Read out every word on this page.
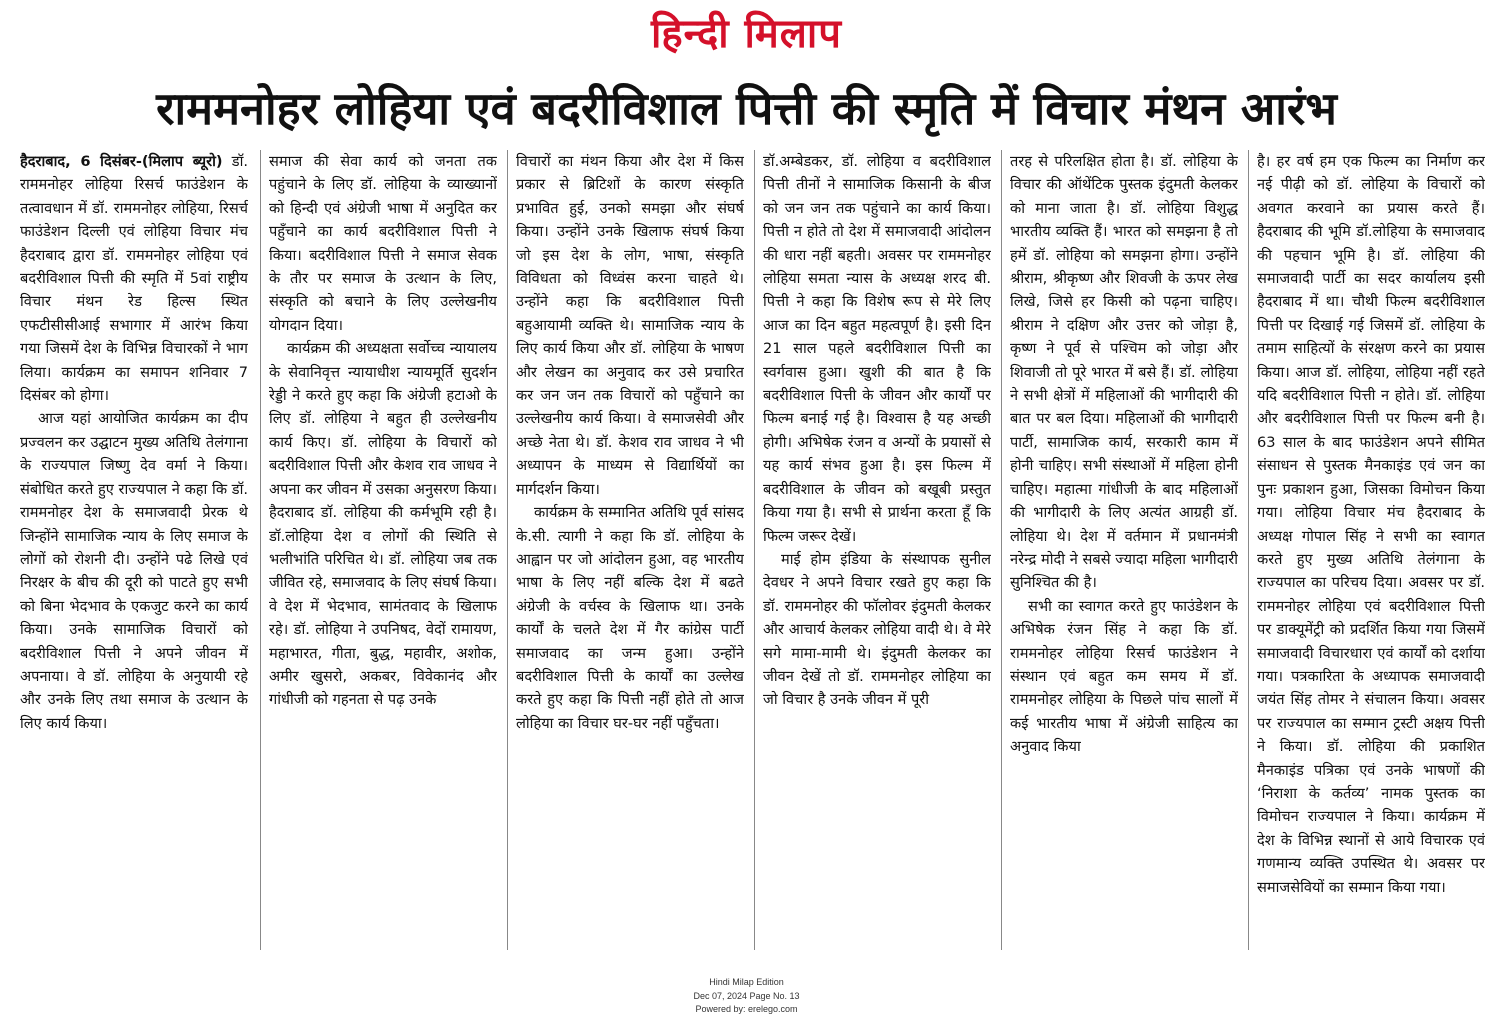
हिन्दी मिलाप
राममनोहर लोहिया एवं बदरीविशाल पित्ती की स्मृति में विचार मंथन आरंभ

हैदराबाद, 6 दिसंबर-(मिलाप ब्यूरो) डॉ. राममनोहर लोहिया रिसर्च फाउंडेशन के तत्वावधान में डॉ. राममनोहर लोहिया, रिसर्च फाउंडेशन दिल्ली एवं लोहिया विचार मंच हैदराबाद द्वारा डॉ. राममनोहर लोहिया एवं बदरीविशाल पित्ती की स्मृति में 5वां राष्ट्रीय विचार मंथन रेड हिल्स स्थित एफटीसीसीआई सभागार में आरंभ किया गया जिसमें देश के विभिन्न विचारकों ने भाग लिया। कार्यक्रम का समापन शनिवार 7 दिसंबर को होगा।

आज यहां आयोजित कार्यक्रम का दीप प्रज्वलन कर उद्घाटन मुख्य अतिथि तेलंगाना के राज्यपाल जिष्णु देव वर्मा ने किया। संबोधित करते हुए राज्यपाल ने कहा कि डॉ. राममनोहर देश के समाजवादी प्रेरक थे जिन्होंने सामाजिक न्याय के लिए समाज के लोगों को रोशनी दी। उन्होंने पढे लिखे एवं निरक्षर के बीच की दूरी को पाटते हुए सभी को बिना भेदभाव के एकजुट करने का कार्य किया। उनके सामाजिक विचारों को बदरीविशाल पित्ती ने अपने जीवन में अपनाया। वे डॉ. लोहिया के अनुयायी रहे और उनके लिए तथा समाज के उत्थान के लिए कार्य किया।

समाज की सेवा कार्य को जनता तक पहुंचाने के लिए डॉ. लोहिया के व्याख्यानों को हिन्दी एवं अंग्रेजी भाषा में अनुदित कर पहुँचाने का कार्य बदरीविशाल पित्ती ने किया। बदरीविशाल पित्ती ने समाज सेवक के तौर पर समाज के उत्थान के लिए, संस्कृति को बचाने के लिए उल्लेखनीय योगदान दिया।

कार्यक्रम की अध्यक्षता सर्वोच्च न्यायालय के सेवानिवृत्त न्यायाधीश न्यायमूर्ति सुदर्शन रेड्डी ने करते हुए कहा कि अंग्रेजी हटाओ के लिए डॉ. लोहिया ने बहुत ही उल्लेखनीय कार्य किए। डॉ. लोहिया के विचारों को बदरीविशाल पित्ती और केशव राव जाधव ने अपना कर जीवन में उसका अनुसरण किया। हैदराबाद डॉ. लोहिया की कर्मभूमि रही है। डॉ.लोहिया देश व लोगों की स्थिति से भलीभांति परिचित थे। डॉ. लोहिया जब तक जीवित रहे, समाजवाद के लिए संघर्ष किया। वे देश में भेदभाव, सामंतवाद के खिलाफ रहे। डॉ. लोहिया ने उपनिषद, वेदों रामायण, महाभारत, गीता, बुद्ध, महावीर, अशोक, अमीर खुसरो, अकबर, विवेकानंद और गांधीजी को गहनता से पढ़ उनके

विचारों का मंथन किया और देश में किस प्रकार से ब्रिटिशों के कारण संस्कृति प्रभावित हुई, उनको समझा और संघर्ष किया। उन्होंने उनके खिलाफ संघर्ष किया जो इस देश के लोग, भाषा, संस्कृति विविधता को विध्वंस करना चाहते थे। उन्होंने कहा कि बदरीविशाल पित्ती बहुआयामी व्यक्ति थे। सामाजिक न्याय के लिए कार्य किया और डॉ. लोहिया के भाषण और लेखन का अनुवाद कर उसे प्रचारित कर जन जन तक विचारों को पहुँचाने का उल्लेखनीय कार्य किया। वे समाजसेवी और अच्छे नेता थे। डॉ. केशव राव जाधव ने भी अध्यापन के माध्यम से विद्यार्थियों का मार्गदर्शन किया।

कार्यक्रम के सम्मानित अतिथि पूर्व सांसद के.सी. त्यागी ने कहा कि डॉ. लोहिया के आह्वान पर जो आंदोलन हुआ, वह भारतीय भाषा के लिए नहीं बल्कि देश में बढते अंग्रेजी के वर्चस्व के खिलाफ था। उनके कार्यों के चलते देश में गैर कांग्रेस पार्टी समाजवाद का जन्म हुआ। उन्होंने बदरीविशाल पित्ती के कार्यों का उल्लेख करते हुए कहा कि पित्ती नहीं होते तो आज लोहिया का विचार घर-घर नहीं पहुँचता।

डॉ.अम्बेडकर, डॉ. लोहिया व बदरीविशाल पित्ती तीनों ने सामाजिक किसानी के बीज को जन जन तक पहुंचाने का कार्य किया। पित्ती न होते तो देश में समाजवादी आंदोलन की धारा नहीं बहती। अवसर पर राममनोहर लोहिया समता न्यास के अध्यक्ष शरद बी. पित्ती ने कहा कि विशेष रूप से मेरे लिए आज का दिन बहुत महत्वपूर्ण है। इसी दिन 21 साल पहले बदरीविशाल पित्ती का स्वर्गवास हुआ। खुशी की बात है कि बदरीविशाल पित्ती के जीवन और कार्यों पर फिल्म बनाई गई है। विश्वास है यह अच्छी होगी। अभिषेक रंजन व अन्यों के प्रयासों से यह कार्य संभव हुआ है। इस फिल्म में बदरीविशाल के जीवन को बखूबी प्रस्तुत किया गया है। सभी से प्रार्थना करता हूँ कि फिल्म जरूर देखें।

माई होम इंडिया के संस्थापक सुनील देवधर ने अपने विचार रखते हुए कहा कि डॉ. राममनोहर की फॉलोवर इंदुमती केलकर और आचार्य केलकर लोहिया वादी थे। वे मेरे सगे मामा-मामी थे। इंदुमती केलकर का जीवन देखें तो डॉ. राममनोहर लोहिया का जो विचार है उनके जीवन में पूरी

तरह से परिलक्षित होता है। डॉ. लोहिया के विचार की ऑथेंटिक पुस्तक इंदुमती केलकर को माना जाता है। डॉ. लोहिया विशुद्ध भारतीय व्यक्ति हैं। भारत को समझना है तो हमें डॉ. लोहिया को समझना होगा। उन्होंने श्रीराम, श्रीकृष्ण और शिवजी के ऊपर लेख लिखे, जिसे हर किसी को पढ़ना चाहिए। श्रीराम ने दक्षिण और उत्तर को जोड़ा है, कृष्ण ने पूर्व से पश्चिम को जोड़ा और शिवाजी तो पूरे भारत में बसे हैं। डॉ. लोहिया ने सभी क्षेत्रों में महिलाओं की भागीदारी की बात पर बल दिया। महिलाओं की भागीदारी पार्टी, सामाजिक कार्य, सरकारी काम में होनी चाहिए। सभी संस्थाओं में महिला होनी चाहिए। महात्मा गांधीजी के बाद महिलाओं की भागीदारी के लिए अत्यंत आग्रही डॉ. लोहिया थे। देश में वर्तमान में प्रधानमंत्री नरेन्द्र मोदी ने सबसे ज्यादा महिला भागीदारी सुनिश्चित की है।

सभी का स्वागत करते हुए फाउंडेशन के अभिषेक रंजन सिंह ने कहा कि डॉ. राममनोहर लोहिया रिसर्च फाउंडेशन ने संस्थान एवं बहुत कम समय में डॉ. राममनोहर लोहिया के पिछले पांच सालों में कई भारतीय भाषा में अंग्रेजी साहित्य का अनुवाद किया

है। हर वर्ष हम एक फिल्म का निर्माण कर नई पीढ़ी को डॉ. लोहिया के विचारों को अवगत करवाने का प्रयास करते हैं। हैदराबाद की भूमि डॉ.लोहिया के समाजवाद की पहचान भूमि है। डॉ. लोहिया की समाजवादी पार्टी का सदर कार्यालय इसी हैदराबाद में था। चौथी फिल्म बदरीविशाल पित्ती पर दिखाई गई जिसमें डॉ. लोहिया के तमाम साहित्यों के संरक्षण करने का प्रयास किया। आज डॉ. लोहिया, लोहिया नहीं रहते यदि बदरीविशाल पित्ती न होते। डॉ. लोहिया और बदरीविशाल पित्ती पर फिल्म बनी है। 63 साल के बाद फाउंडेशन अपने सीमित संसाधन से पुस्तक मैनकाइंड एवं जन का पुनः प्रकाशन हुआ, जिसका विमोचन किया गया। लोहिया विचार मंच हैदराबाद के अध्यक्ष गोपाल सिंह ने सभी का स्वागत करते हुए मुख्य अतिथि तेलंगाना के राज्यपाल का परिचय दिया। अवसर पर डॉ. राममनोहर लोहिया एवं बदरीविशाल पित्ती पर डाक्यूमेंट्री को प्रदर्शित किया गया जिसमें समाजवादी विचारधारा एवं कार्यों को दर्शाया गया। पत्रकारिता के अध्यापक समाजवादी जयंत सिंह तोमर ने संचालन किया। अवसर पर राज्यपाल का सम्मान ट्रस्टी अक्षय पित्ती ने किया। डॉ. लोहिया की प्रकाशित मैनकाइंड पत्रिका एवं उनके भाषणों की ‘निराशा के कर्तव्य’ नामक पुस्तक का विमोचन राज्यपाल ने किया। कार्यक्रम में देश के विभिन्न स्थानों से आये विचारक एवं गणमान्य व्यक्ति उपस्थित थे। अवसर पर समाजसेवियों का सम्मान किया गया।

Hindi Milap Edition
Dec 07, 2024 Page No. 13
Powered by: erelego.com
